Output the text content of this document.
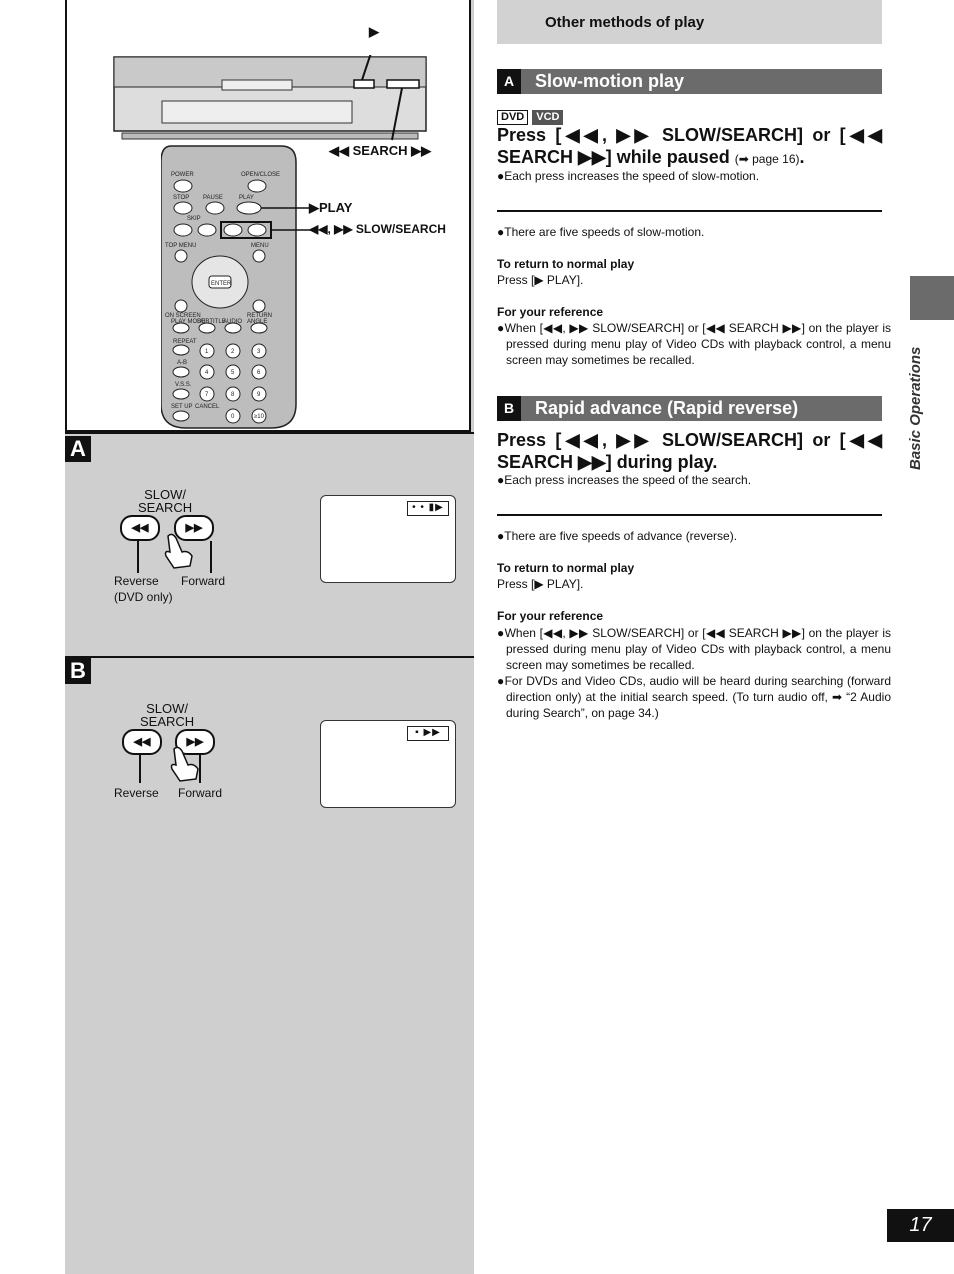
▶
◀◀ SEARCH ▶▶
▶PLAY
◀◀, ▶▶ SLOW/SEARCH
POWER	OPEN/CLOSE
STOP PAUSE	PLAY
SKIP
TOP MENU	MENU
ENTER
ON SCREEN	RETURN
PLAY MODE
SUBTITLE
AUDIO ANGLE
REPEAT
A-B
V.S.S.
SET UP CANCEL
1	2	3
4	5	6
7	8	9
0	≥10
A
SLOW/
SEARCH
◀◀	▶▶
Reverse
(DVD only)
Forward
• • ▮▶
B
SLOW/
SEARCH
◀◀	▶▶
Reverse Forward
▪ ▶▶
Other methods of play
A	Slow-motion play
DVD VCD
Press [◀◀, ▶▶ SLOW/SEARCH] or [◀◀ SEARCH ▶▶] while paused (➡ page 16).
●Each press increases the speed of slow-motion.
●There are five speeds of slow-motion.
To return to normal play
Press [▶ PLAY].
For your reference
●When [◀◀, ▶▶ SLOW/SEARCH] or [◀◀ SEARCH ▶▶] on the player is pressed during menu play of Video CDs with playback control, a menu screen may sometimes be recalled.
B	Rapid advance (Rapid reverse)
Press [◀◀, ▶▶ SLOW/SEARCH] or [◀◀ SEARCH ▶▶] during play.
●Each press increases the speed of the search.
●There are five speeds of advance (reverse).
To return to normal play
Press [▶ PLAY].
For your reference
●When [◀◀, ▶▶ SLOW/SEARCH] or [◀◀ SEARCH ▶▶] on the player is pressed during menu play of Video CDs with playback control, a menu screen may sometimes be recalled.
●For DVDs and Video CDs, audio will be heard during searching (forward direction only) at the initial search speed. (To turn audio off, ➡ “2 Audio during Search”, on page 34.)
Basic Operations
17
